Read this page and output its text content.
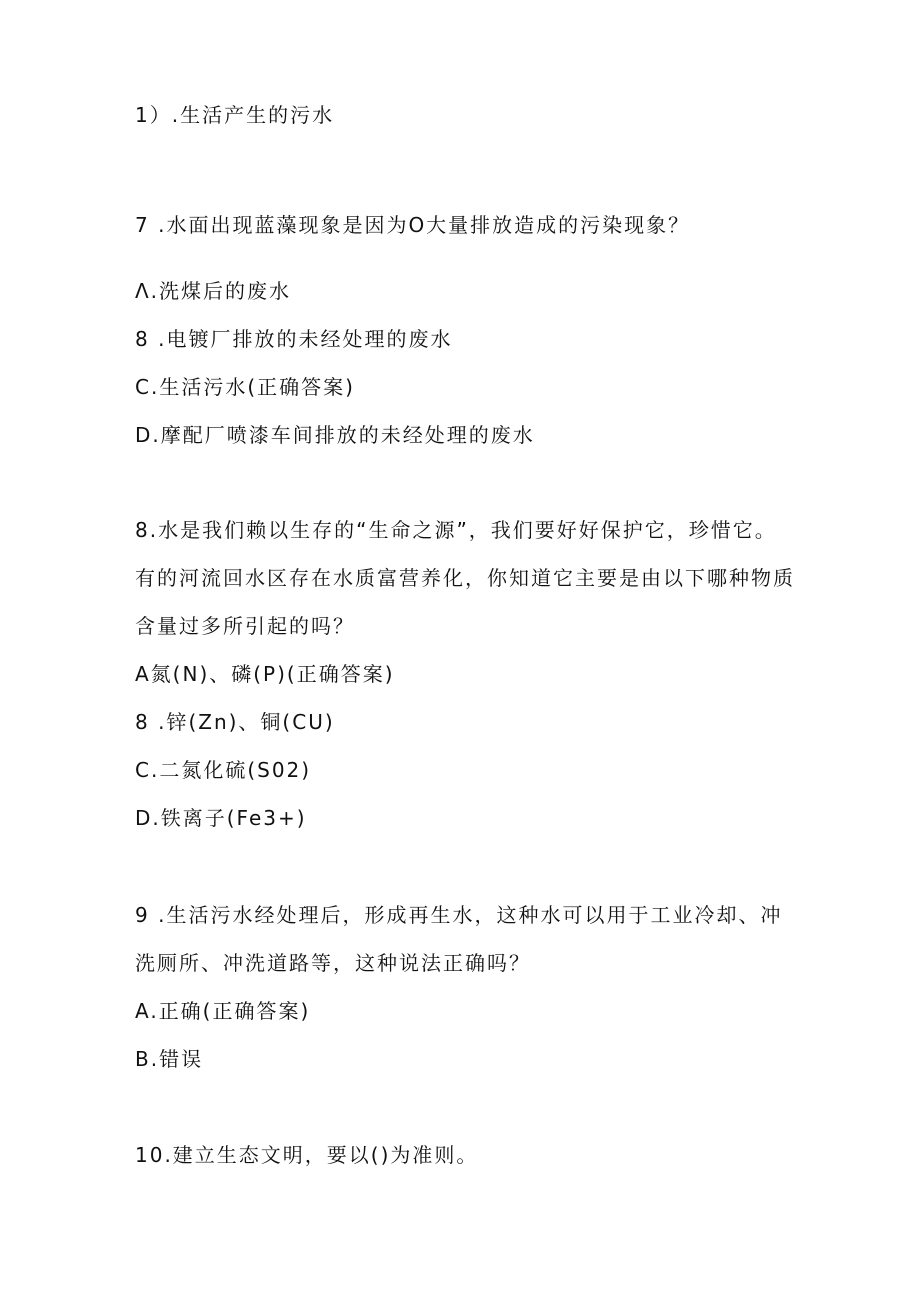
1）.生活产生的污水
7 .水面出现蓝藻现象是因为O大量排放造成的污染现象？
Λ.洗煤后的废水
8 .电镀厂排放的未经处理的废水
C.生活污水(正确答案)
D.摩配厂喷漆车间排放的未经处理的废水
8.水是我们赖以生存的“生命之源”，我们要好好保护它，珍惜它。
有的河流回水区存在水质富营养化，你知道它主要是由以下哪种物质
含量过多所引起的吗？
A氮(N)、磷(P)(正确答案)
8 .锌(Zn)、铜(CU)
C.二氮化硫(S02)
D.铁离子(Fe3+)
9 .生活污水经处理后，形成再生水，这种水可以用于工业冷却、冲
洗厕所、冲洗道路等，这种说法正确吗？
A.正确(正确答案)
B.错误
10.建立生态文明，要以()为准则。
